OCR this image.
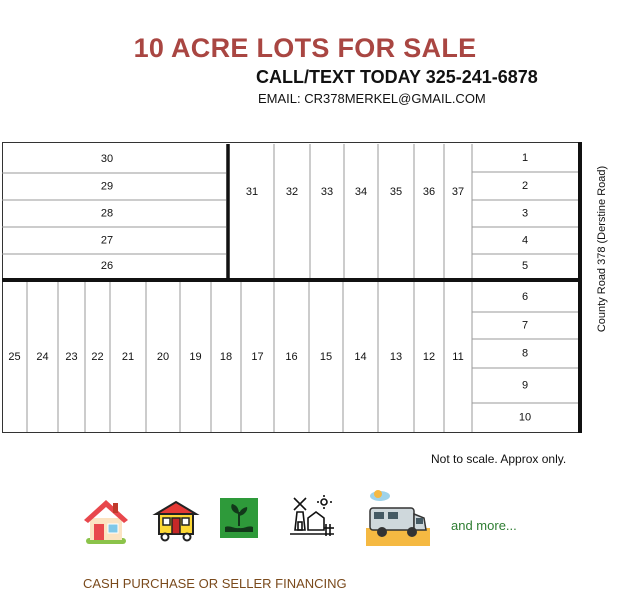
10 ACRE LOTS FOR SALE
CALL/TEXT TODAY 325-241-6878
EMAIL: CR378MERKEL@GMAIL.COM
30
29
28
27
26
31	32 33 34 35 36 37
1
2
3
4
5
25 24 23 22 21 20 19 18 17 16 15 14 13 12 11
6
7
8
9
10
County Road 378 (Derstine Road)
Not to scale. Approx only.
and more...
CASH PURCHASE OR SELLER FINANCING
